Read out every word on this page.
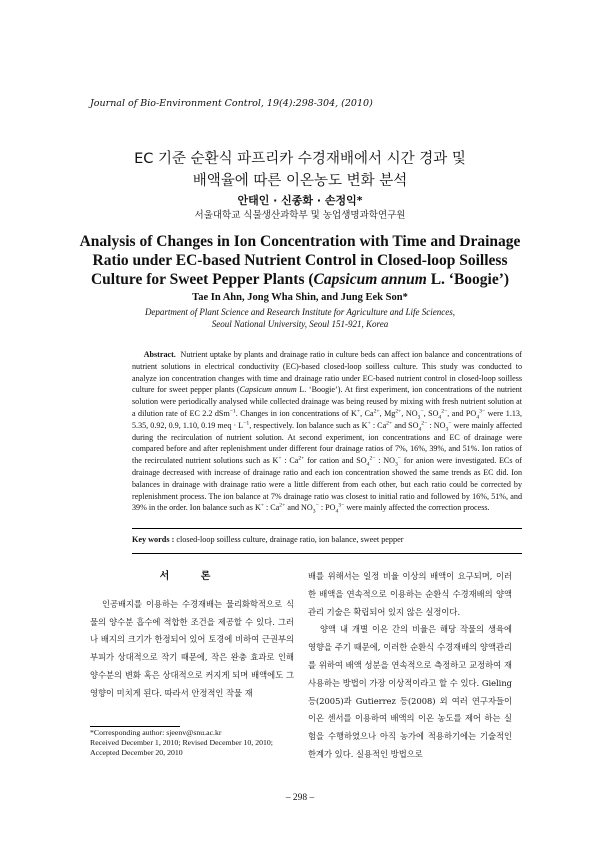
Journal of Bio-Environment Control, 19(4):298-304, (2010)
EC 기준 순환식 파프리카 수경재배에서 시간 경과 및
배액율에 따른 이온농도 변화 분석
안태인 · 신종화 · 손정익*
서울대학교 식물생산과학부 및 농업생명과학연구원
Analysis of Changes in Ion Concentration with Time and Drainage
Ratio under EC-based Nutrient Control in Closed-loop Soilless
Culture for Sweet Pepper Plants (Capsicum annum L. ‘Boogie’)
Tae In Ahn, Jong Wha Shin, and Jung Eek Son*
Department of Plant Science and Research Institute for Agriculture and Life Sciences,
Seoul National University, Seoul 151-921, Korea

Abstract. Nutrient uptake by plants and drainage ratio in culture beds can affect ion balance and concentrations of nutrient solutions in electrical conductivity (EC)-based closed-loop soilless culture. This study was conducted to analyze ion concentration changes with time and drainage ratio under EC-based nutrient control in closed-loop soilless culture for sweet pepper plants (Capsicum annum L. ‘Boogie’). At first experiment, ion concentrations of the nutrient solution were periodically analysed while collected drainage was being reused by mixing with fresh nutrient solution at a dilution rate of EC 2.2 dSm$^{-1}$. Changes in ion concentrations of K+, $Ca^{2+}$, $Mg^{2+}$, $NO_3^-$, $SO_4^{2-}$, and $PO_4^{3-}$ were 1.13, 5.35, 0.92, 0.9, 1.10, 0.19 meq · $L^{-1}$, respectively. Ion balance such as K+ : $Ca^{2+}$ and $SO_4^{2-}$ : $NO_3^-$ were mainly affected during the recirculation of nutrient solution. At second experiment, ion concentrations and EC of drainage were compared before and after replenishment under different four drainage ratios of 7%, 16%, 39%, and 51%. Ion ratios of the recirculated nutrient solutions such as K+ : $Ca^{2+}$ for cation and $SO_4^{2-}$ : $NO_3^-$ for anion were investigated. ECs of drainage decreased with increase of drainage ratio and each ion concentration showed the same trends as EC did. Ion balances in drainage with drainage ratio were a little different from each other, but each ratio could be corrected by replenishment process. The ion balance at 7% drainage ratio was closest to initial ratio and followed by 16%, 51%, and 39% in the order. Ion balance such as K+ : $Ca^{2+}$ and $NO_3^-$ : $PO_4^{3-}$ were mainly affected the correction process.

Key words : closed-loop soilless culture, drainage ratio, ion balance, sweet pepper
서 론

인공배지를 이용하는 수경재배는 물리화학적으로 식물의 양수분 흡수에 적합한 조건을 제공할 수 있다. 그러나 배지의 크기가 한정되어 있어 토경에 비하여 근권부의 부피가 상대적으로 작기 때문에, 작은 완충 효과로 인해 양수분의 변화 혹은 상대적으로 커지게 되며 배액에도 그 영향이 미치게 된다. 따라서 안정적인 작물 재

배를 위해서는 일정 비율 이상의 배액이 요구되며, 이러한 배액을 연속적으로 이용하는 순환식 수경재배의 양액 관리 기술은 확립되어 있지 않은 실정이다.

양액 내 개별 이온 간의 비율은 해당 작물의 생육에 영향을 주기 때문에, 이러한 순환식 수경재배의 양액관리를 위하여 배액 성분을 연속적으로 측정하고 교정하여 재사용하는 방법이 가장 이상적이라고 할 수 있다. Gieling 등(2005)과 Gutierrez 등(2008) 외 여러 연구자들이 이온 센서를 이용하여 배액의 이온 농도를 제어 하는 실험을 수행하였으나 아직 농가에 적용하기에는 기술적인 한계가 있다. 실용적인 방법으로

*Corresponding author: sjeenv@snu.ac.kr
Received December 1, 2010; Revised December 10, 2010;
Accepted December 20, 2010
– 298 –
